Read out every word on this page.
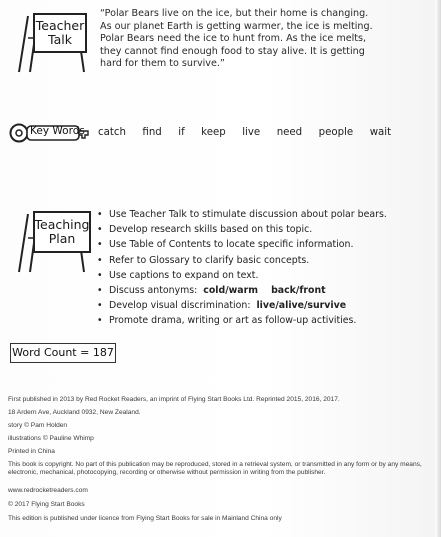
Teacher
Talk
“Polar Bears live on the ice, but their home is changing.
As our planet Earth is getting warmer, the ice is melting.
Polar Bears need the ice to hunt from. As the ice melts,
they cannot find enough food to stay alive. It is getting
hard for them to survive.”
Key Words catch find if keep live need people wait
Teaching
Plan
• Use Teacher Talk to stimulate discussion about polar bears.
• Develop research skills based on this topic.
• Use Table of Contents to locate specific information.
• Refer to Glossary to clarify basic concepts.
• Use captions to expand on text.
• Discuss antonyms: cold/warm    back/front
• Develop visual discrimination: live/alive/survive
• Promote drama, writing or art as follow-up activities.
Word Count = 187
First published in 2013 by Red Rocket Readers, an imprint of Flying Start Books Ltd. Reprinted 2015, 2016, 2017.
18 Ardern Ave, Auckland 0932, New Zealand.
story © Pam Holden
illustrations © Pauline Whimp
Printed in China
This book is copyright. No part of this publication may be reproduced, stored in a retrieval system, or transmitted in any form or by any means, electronic, mechanical, photocopying, recording or otherwise without permission in writing from the publisher.
www.redrocketreaders.com
© 2017 Flying Start Books
This edition is published under licence from Flying Start Books for sale in Mainland China only
